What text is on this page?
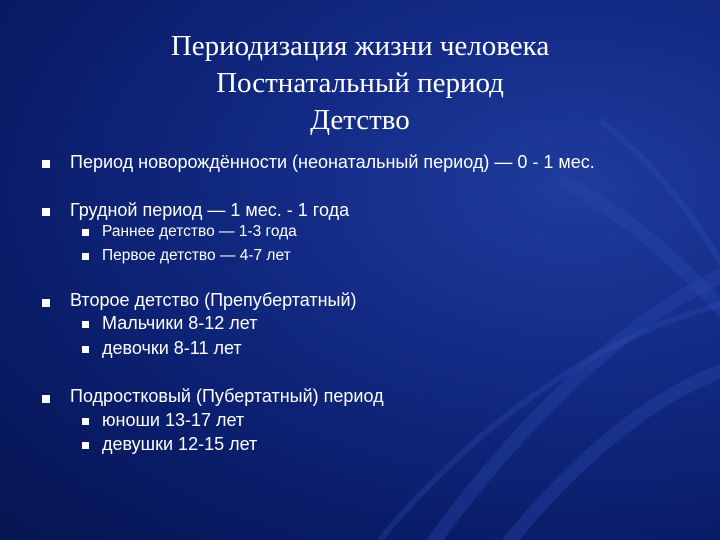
Периодизация жизни человека
Постнатальный период
Детство
Период новорождённости (неонатальный период) — 0 - 1 мес.
Грудной период — 1 мес. - 1 года
Раннее детство — 1-3 года
Первое детство — 4-7 лет
Второе детство (Препубертатный)
Мальчики 8-12 лет
девочки 8-11 лет
Подростковый (Пубертатный) период
юноши 13-17 лет
девушки 12-15 лет
